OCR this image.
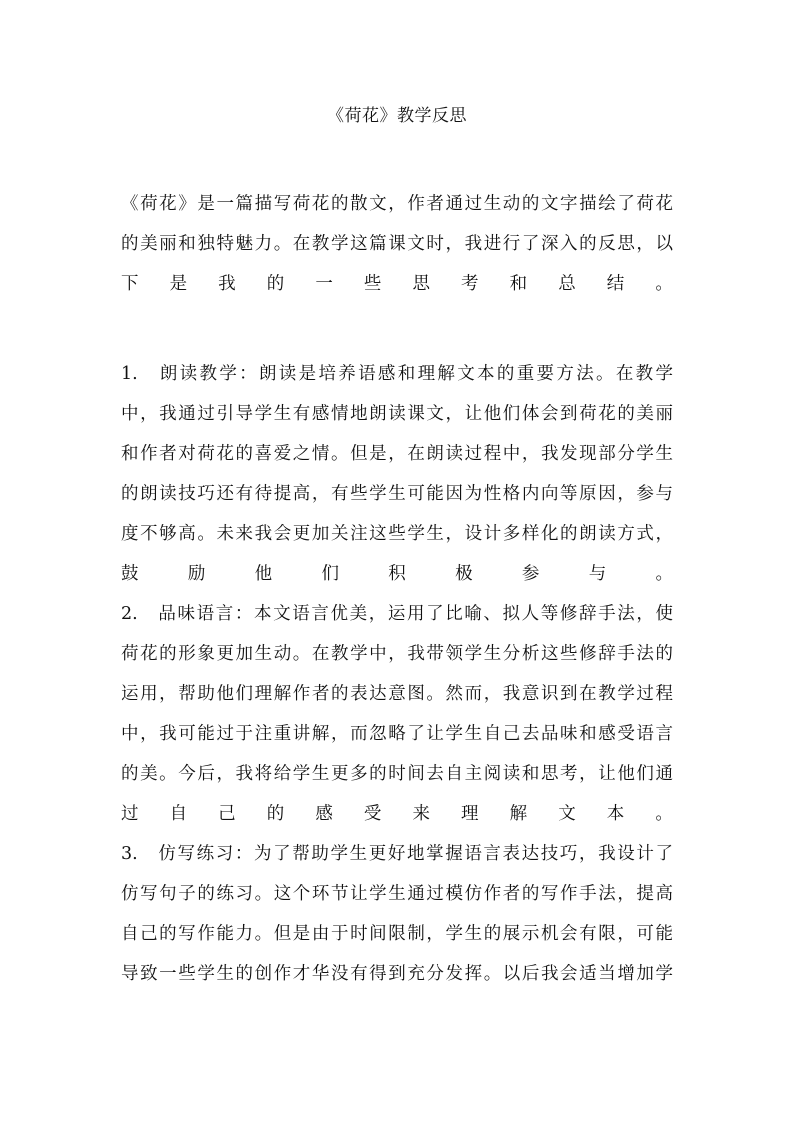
《荷花》教学反思
《荷花》是一篇描写荷花的散文，作者通过生动的文字描绘了荷花
的美丽和独特魅力。在教学这篇课文时，我进行了深入的反思，以
下 是 我 的 一 些 思 考 和 总 结 。
1.　朗读教学：朗读是培养语感和理解文本的重要方法。在教学
中，我通过引导学生有感情地朗读课文，让他们体会到荷花的美丽
和作者对荷花的喜爱之情。但是，在朗读过程中，我发现部分学生
的朗读技巧还有待提高，有些学生可能因为性格内向等原因，参与
度不够高。未来我会更加关注这些学生，设计多样化的朗读方式，
鼓	励	他	们	积	极	参	与	。
2.　品味语言：本文语言优美，运用了比喻、拟人等修辞手法，使
荷花的形象更加生动。在教学中，我带领学生分析这些修辞手法的
运用，帮助他们理解作者的表达意图。然而，我意识到在教学过程
中，我可能过于注重讲解，而忽略了让学生自己去品味和感受语言
的美。今后，我将给学生更多的时间去自主阅读和思考，让他们通
过 自 己 的 感 受 来 理 解 文 本 。
3.　仿写练习：为了帮助学生更好地掌握语言表达技巧，我设计了
仿写句子的练习。这个环节让学生通过模仿作者的写作手法，提高
自己的写作能力。但是由于时间限制，学生的展示机会有限，可能
导致一些学生的创作才华没有得到充分发挥。以后我会适当增加学
